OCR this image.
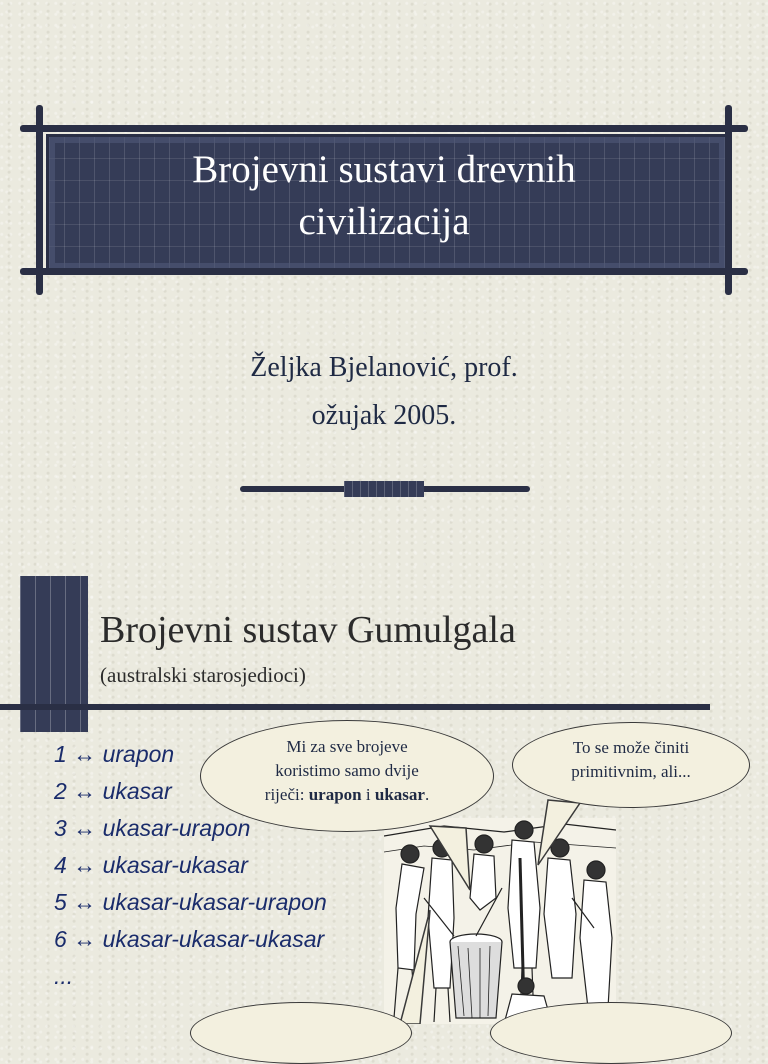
Brojevni sustavi drevnih
civilizacija
Željka Bjelanović, prof.
ožujak 2005.
Brojevni sustav Gumulgala
(australski starosjedioci)
1 ↔ urapon
2 ↔ ukasar
3 ↔ ukasar-urapon
4 ↔ ukasar-ukasar
5 ↔ ukasar-ukasar-urapon
6 ↔ ukasar-ukasar-ukasar
...
Mi za sve brojeve
koristimo samo dvije
riječi: urapon i ukasar.
To se može činiti
primitivnim, ali...
